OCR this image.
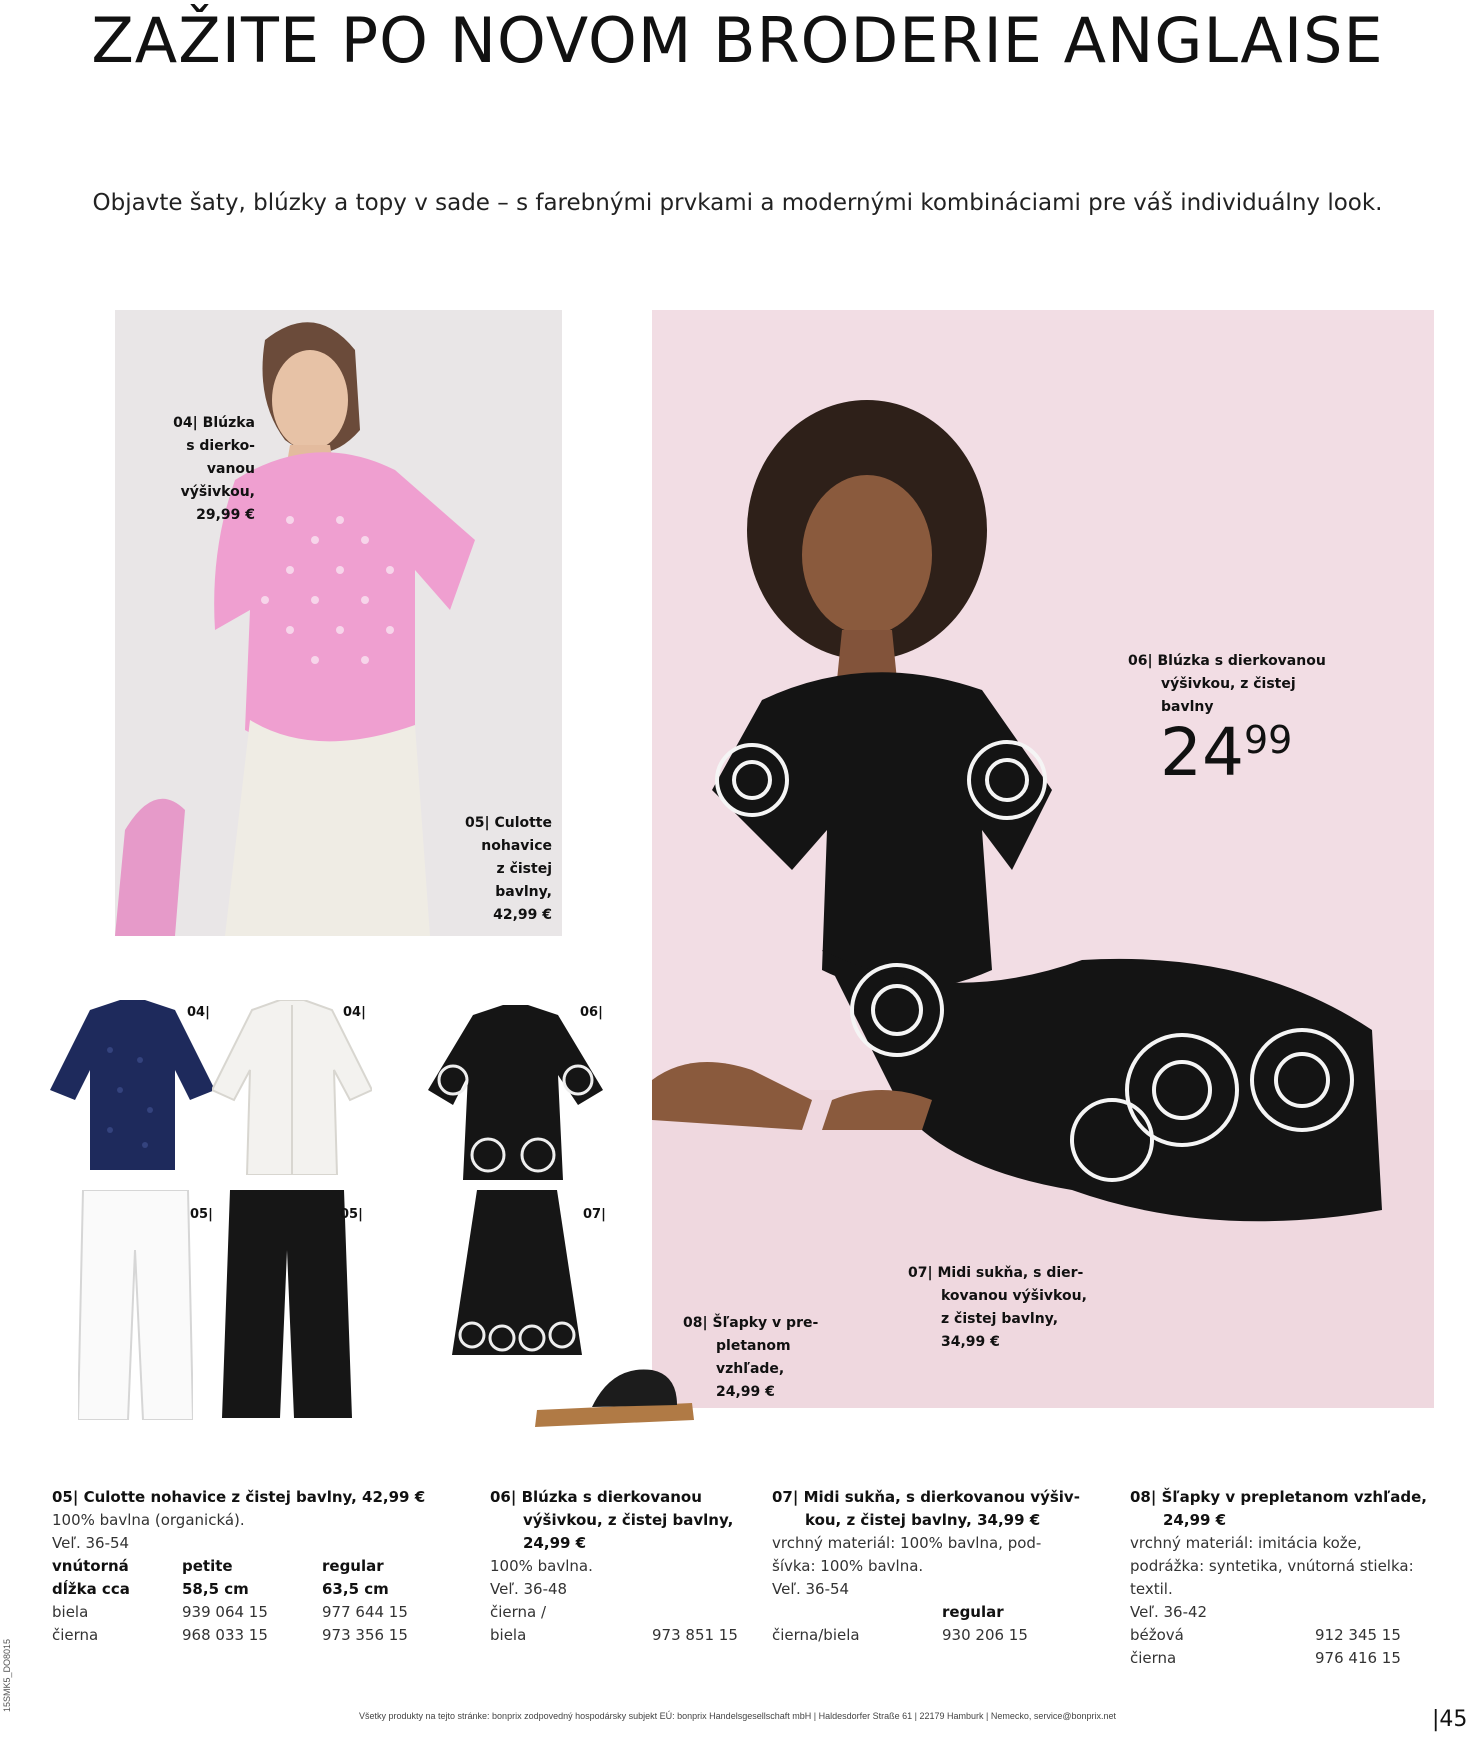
ZAŽITE PO NOVOM BRODERIE ANGLAISE
Objavte šaty, blúzky a topy v sade – s farebnými prvkami a modernými kombináciami pre váš individuálny look.
04| Blúzka
s dierko-
vanou
výšivkou,
29,99 €
05| Culotte
nohavice
z čistej
bavlny,
42,99 €
06| Blúzka s dierkovanou
výšivkou, z čistej
bavlny
2499
07| Midi sukňa, s dier-
kovanou výšivkou,
z čistej bavlny,
34,99 €
08| Šľapky v pre-
pletanom
vzhľade,
24,99 €
04|	04|	06|
05|	05|	07|
05| Culotte nohavice z čistej bavlny, 42,99 €
100% bavlna (organická).
Veľ. 36-54
vnútorná	petite	regular
dĺžka cca	58,5 cm	63,5 cm
biela	939 064 15	977 644 15
čierna	968 033 15	973 356 15
06| Blúzka s dierkovanou
výšivkou, z čistej bavlny,
24,99 €
100% bavlna.
Veľ. 36-48
čierna /
biela	973 851 15
07| Midi sukňa, s dierkovanou výšiv-
kou, z čistej bavlny, 34,99 €
vrchný materiál: 100% bavlna, pod-
šívka: 100% bavlna.
Veľ. 36-54
regular
čierna/biela	930 206 15
08| Šľapky v prepletanom vzhľade,
24,99 €
vrchný materiál: imitácia kože,
podrážka: syntetika, vnútorná stielka:
textil.
Veľ. 36-42
béžová	912 345 15
čierna	976 416 15
Všetky produkty na tejto stránke: bonprix zodpovedný hospodársky subjekt EÚ: bonprix Handelsgesellschaft mbH | Haldesdorfer Straße 61 | 22179 Hamburk | Nemecko, service@bonprix.net	|45
15SMK5_DO8015
